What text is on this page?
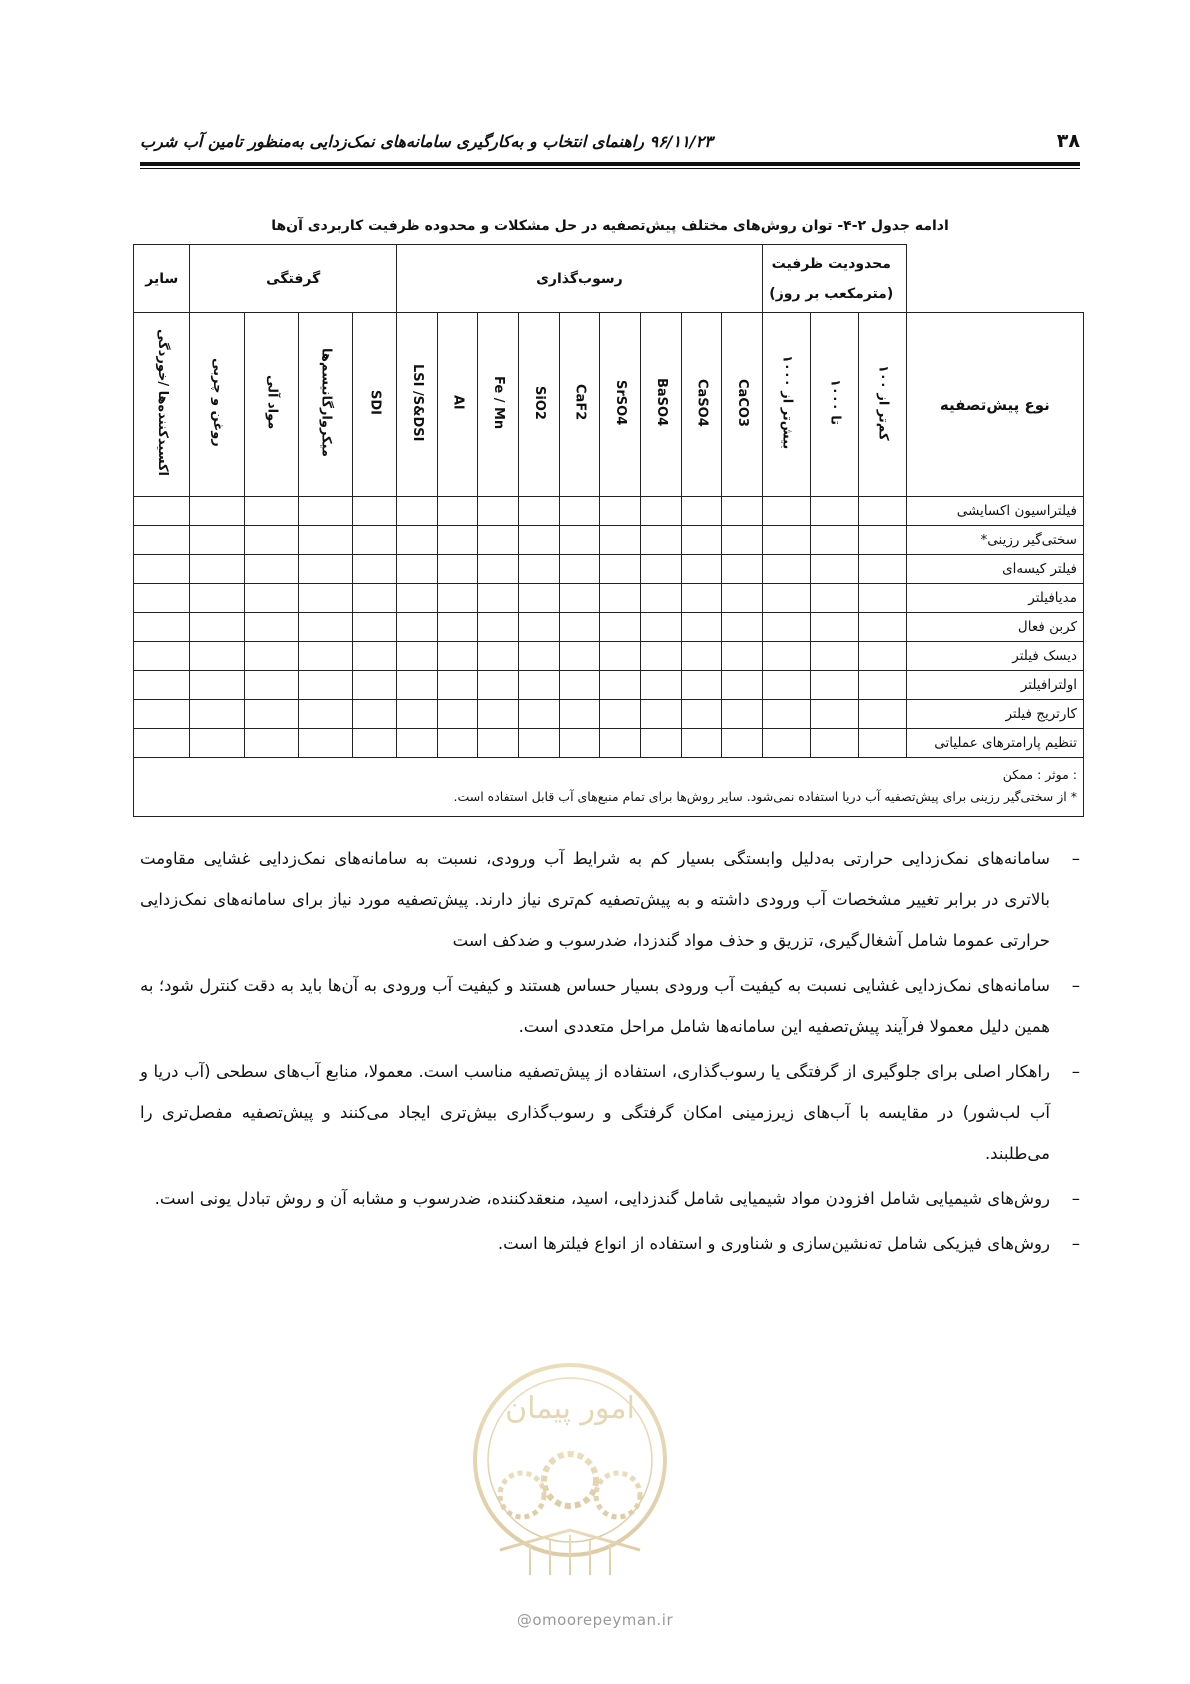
۳۸
۹۶/۱۱/۲۳ راهنمای انتخاب و به‌کارگیری سامانه‌های نمک‌زدایی به‌منظور تامین آب شرب
ادامه جدول ۲-۴- توان روش‌های مختلف پیش‌تصفیه در حل مشکلات و محدوده ظرفیت کاربردی آن‌ها

	محدودیت ظرفیت
(مترمکعب بر روز)			رسوب‌گذاری									گرفتگی				سایر
نوع پیش‌تصفیه	کم‌تر از ۱۰۰	تا ۱۰۰۰	بیش‌تر از ۱۰۰۰	CaCO3	CaSO4	BaSO4	SrSO4	CaF2	SiO2	Fe / Mn	Al	LSI /S&DSI	SDI	میکروارگانیسم‌ها	مواد آلی	روغن و چربی	اکسیدکننده‌ها /خوردگی
فیلتراسیون اکسایشی																	
سختی‌گیر رزینی*																	
فیلتر کیسه‌ای																	
مدیافیلتر																	
کربن فعال																	
دیسک فیلتر																	
اولترافیلتر																	
کارتریج فیلتر																	
تنظیم پارامترهای عملیاتی																	

: موثر : ممکن
* از سختی‌گیر رزینی برای پیش‌تصفیه آب دریا استفاده نمی‌شود. سایر روش‌ها برای تمام منبع‌های آب قابل استفاده است.																	
–
سامانه‌های نمک‌زدایی حرارتی به‌دلیل وابستگی بسیار کم به شرایط آب ورودی، نسبت به سامانه‌های نمک‌زدایی غشایی مقاومت بالاتری در برابر تغییر مشخصات آب ورودی داشته و به پیش‌تصفیه کم‌تری نیاز دارند. پیش‌تصفیه مورد نیاز برای سامانه‌های نمک‌زدایی حرارتی عموما شامل آشغال‌گیری، تزریق و حذف مواد گندزدا، ضدرسوب و ضدکف است
–
سامانه‌های نمک‌زدایی غشایی نسبت به کیفیت آب ورودی بسیار حساس هستند و کیفیت آب ورودی به آن‌ها باید به دقت کنترل شود؛ به همین دلیل معمولا فرآیند پیش‌تصفیه این سامانه‌ها شامل مراحل متعددی است.
–
راهکار اصلی برای جلوگیری از گرفتگی یا رسوب‌گذاری، استفاده از پیش‌تصفیه مناسب است. معمولا، منابع آب‌های سطحی (آب دریا و آب لب‌شور) در مقایسه با آب‌های زیرزمینی امکان گرفتگی و رسوب‌گذاری بیش‌تری ایجاد می‌کنند و پیش‌تصفیه مفصل‌تری را می‌طلبند.
–
روش‌های شیمیایی شامل افزودن مواد شیمیایی شامل گندزدایی، اسید، منعقدکننده، ضدرسوب و مشابه آن و روش تبادل یونی است.
–
روش‌های فیزیکی شامل ته‌نشین‌سازی و شناوری و استفاده از انواع فیلترها است.
امور پیمان
@omoorepeyman.ir
